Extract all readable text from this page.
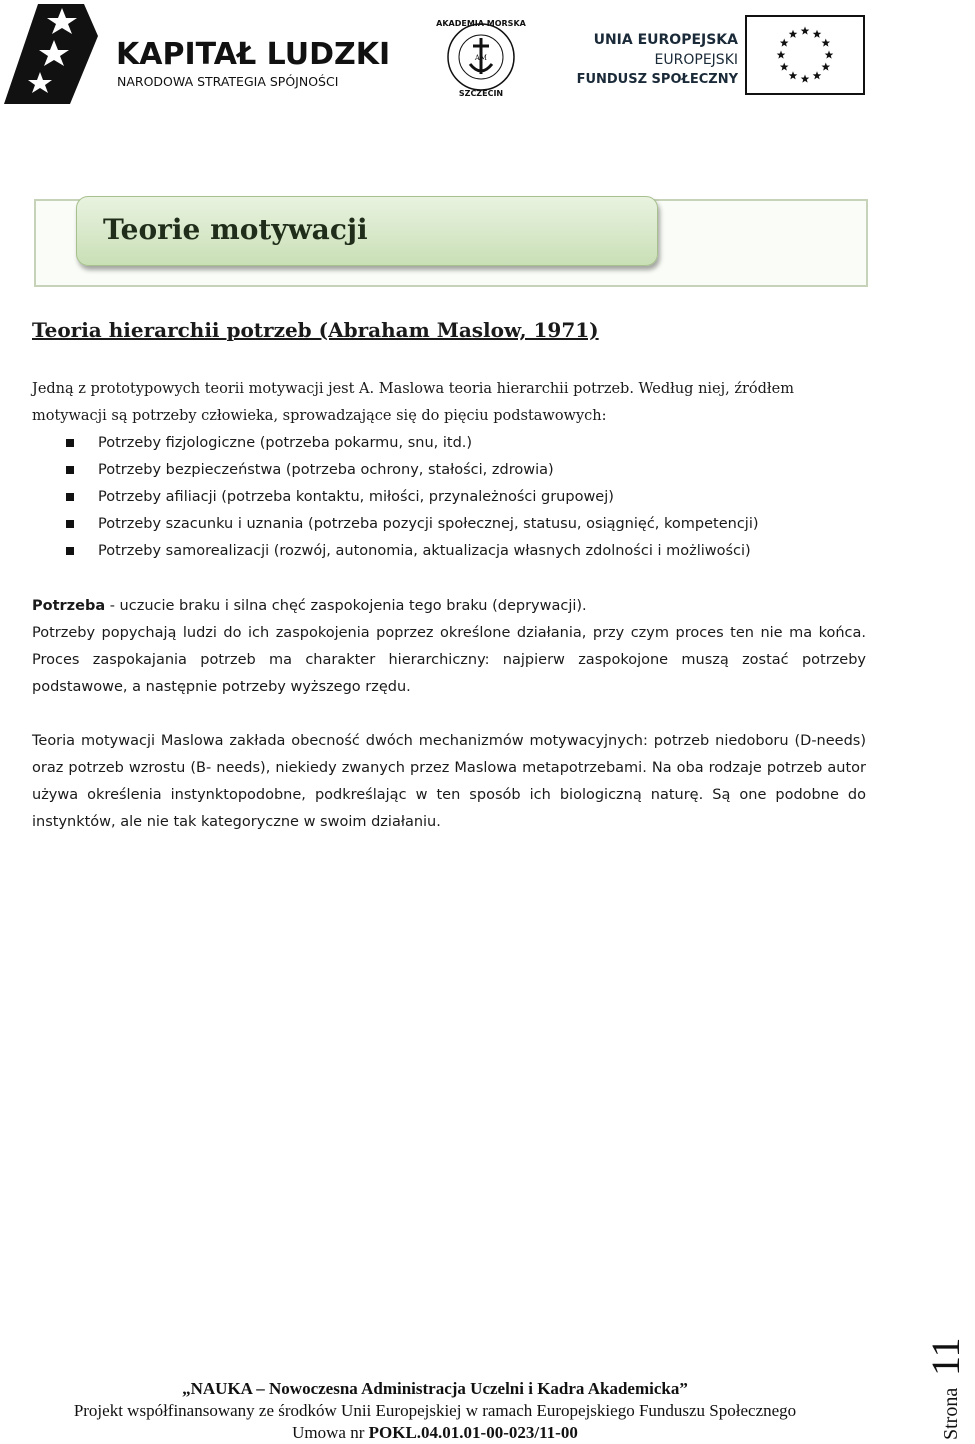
KAPITAŁ LUDZKI
NARODOWA STRATEGIA SPÓJNOŚCI
AKADEMIA MORSKA
AM
SZCZECIN
UNIA EUROPEJSKA
EUROPEJSKI
FUNDUSZ SPOŁECZNY
Teorie motywacji
Teoria hierarchii potrzeb (Abraham Maslow, 1971)

Jedną z prototypowych teorii motywacji jest A. Maslowa teoria hierarchii potrzeb. Według niej, źródłem motywacji są potrzeby człowieka, sprowadzające się do pięciu podstawowych:

Potrzeby fizjologiczne (potrzeba pokarmu, snu, itd.)
Potrzeby bezpieczeństwa (potrzeba ochrony, stałości, zdrowia)
Potrzeby afiliacji (potrzeba kontaktu, miłości, przynależności grupowej)
Potrzeby szacunku i uznania (potrzeba pozycji społecznej, statusu, osiągnięć, kompetencji)
Potrzeby samorealizacji (rozwój, autonomia, aktualizacja własnych zdolności i możliwości)

Potrzeba - uczucie braku i silna chęć zaspokojenia tego braku (deprywacji).

Potrzeby popychają ludzi do ich zaspokojenia poprzez określone działania, przy czym proces ten nie ma końca. Proces zaspokajania potrzeb ma charakter hierarchiczny: najpierw zaspokojone muszą zostać potrzeby podstawowe, a następnie potrzeby wyższego rzędu.

Teoria motywacji Maslowa zakłada obecność dwóch mechanizmów motywacyjnych: potrzeb niedoboru (D-needs) oraz potrzeb wzrostu (B- needs), niekiedy zwanych przez Maslowa metapotrzebami. Na oba rodzaje potrzeb autor używa określenia instynktopodobne, podkreślając w ten sposób ich biologiczną naturę. Są one podobne do instynktów, ale nie tak kategoryczne w swoim działaniu.

„NAUKA – Nowoczesna Administracja Uczelni i Kadra Akademicka”
Projekt współfinansowany ze środków Unii Europejskiej w ramach Europejskiego Funduszu Społecznego
Umowa nr POKL.04.01.01-00-023/11-00	Strona
11
